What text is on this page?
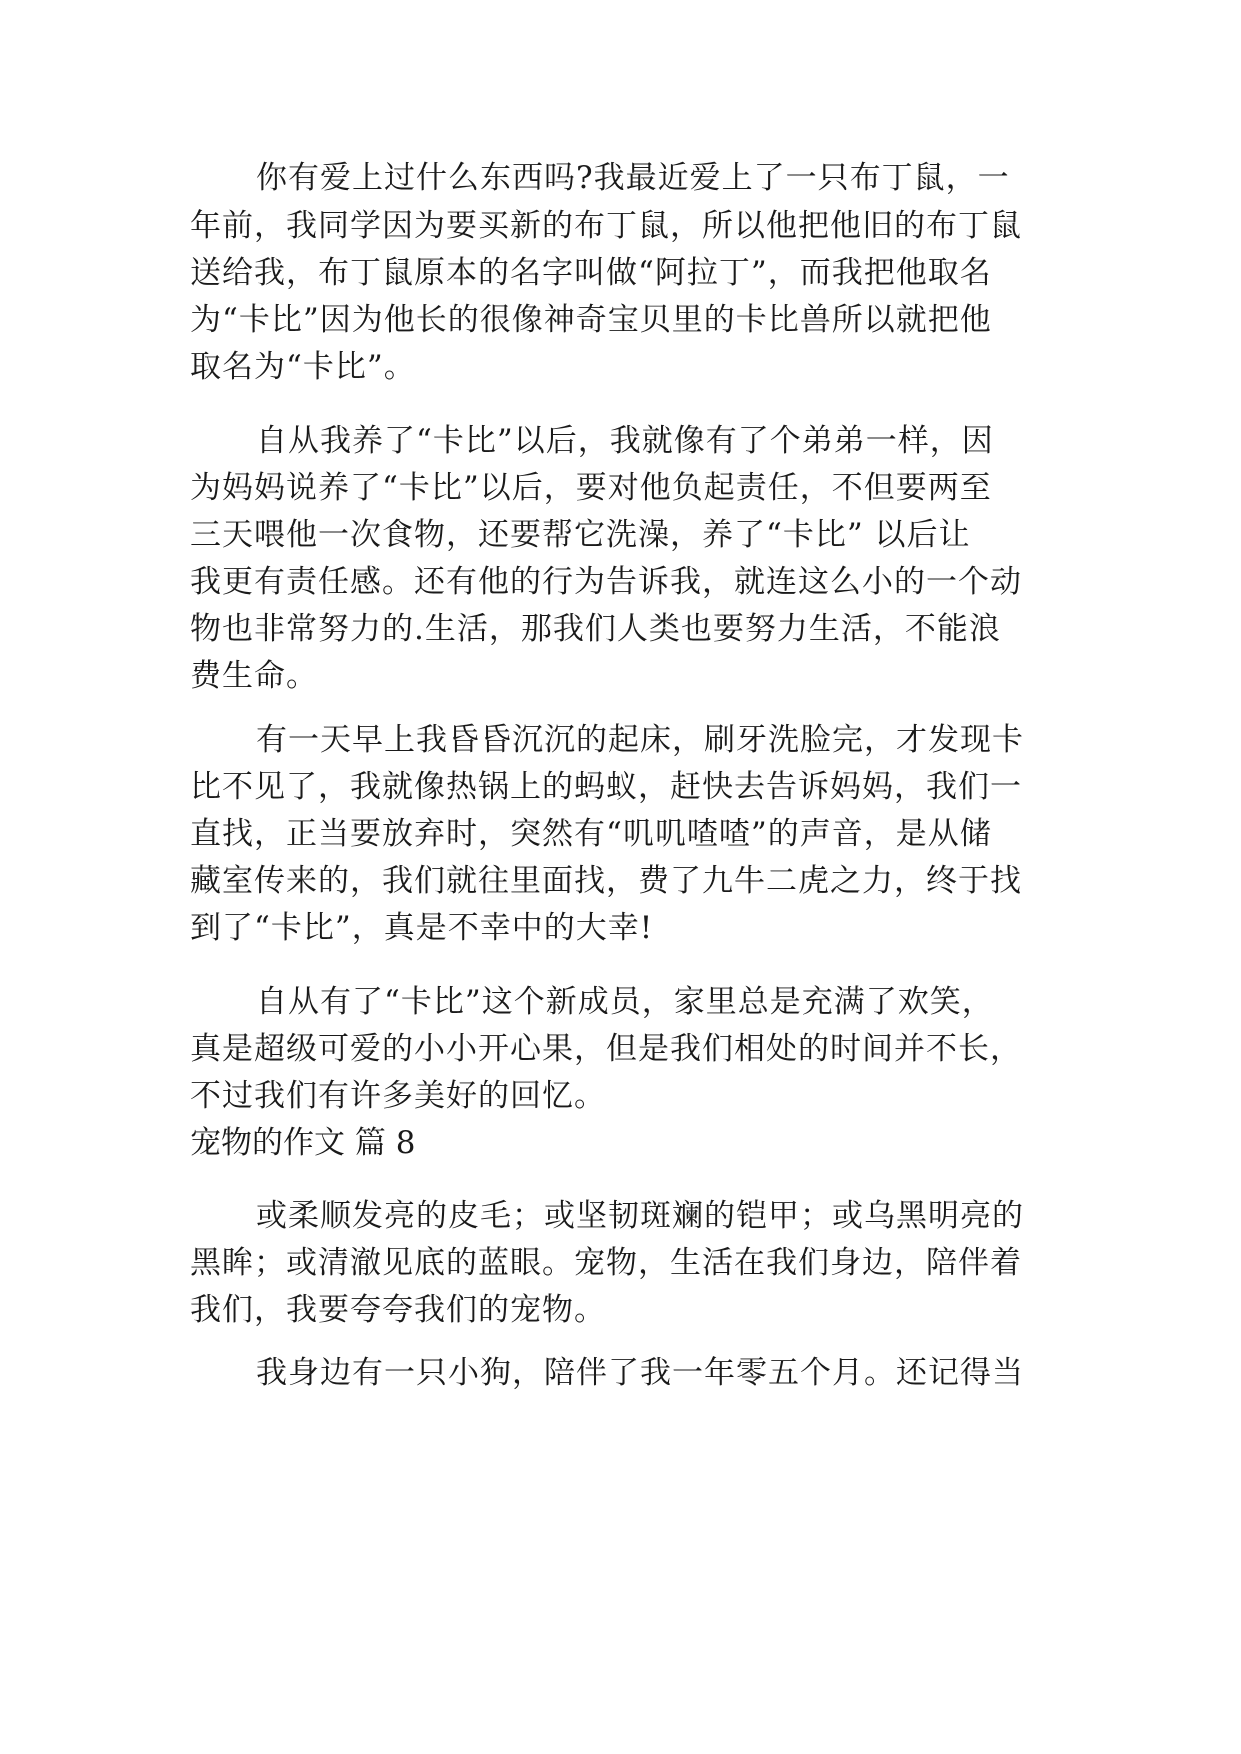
你有爱上过什么东西吗?我最近爱上了一只布丁鼠，一
年前，我同学因为要买新的布丁鼠，所以他把他旧的布丁鼠
送给我，布丁鼠原本的名字叫做“阿拉丁”，而我把他取名
为“卡比”因为他长的很像神奇宝贝里的卡比兽所以就把他
取名为“卡比”。
自从我养了“卡比”以后，我就像有了个弟弟一样，因
为妈妈说养了“卡比”以后，要对他负起责任，不但要两至
三天喂他一次食物，还要帮它洗澡，养了“卡比” 以后让
我更有责任感。还有他的行为告诉我，就连这么小的一个动
物也非常努力的.生活，那我们人类也要努力生活，不能浪
费生命。
有一天早上我昏昏沉沉的起床，刷牙洗脸完，才发现卡
比不见了，我就像热锅上的蚂蚁，赶快去告诉妈妈，我们一
直找，正当要放弃时，突然有“叽叽喳喳”的声音，是从储
藏室传来的，我们就往里面找，费了九牛二虎之力，终于找
到了“卡比”，真是不幸中的大幸!
自从有了“卡比”这个新成员，家里总是充满了欢笑，
真是超级可爱的小小开心果，但是我们相处的时间并不长，
不过我们有许多美好的回忆。
宠物的作文 篇 8
或柔顺发亮的皮毛；或坚韧斑斓的铠甲；或乌黑明亮的
黑眸；或清澈见底的蓝眼。宠物，生活在我们身边，陪伴着
我们，我要夸夸我们的宠物。
我身边有一只小狗，陪伴了我一年零五个月。还记得当
